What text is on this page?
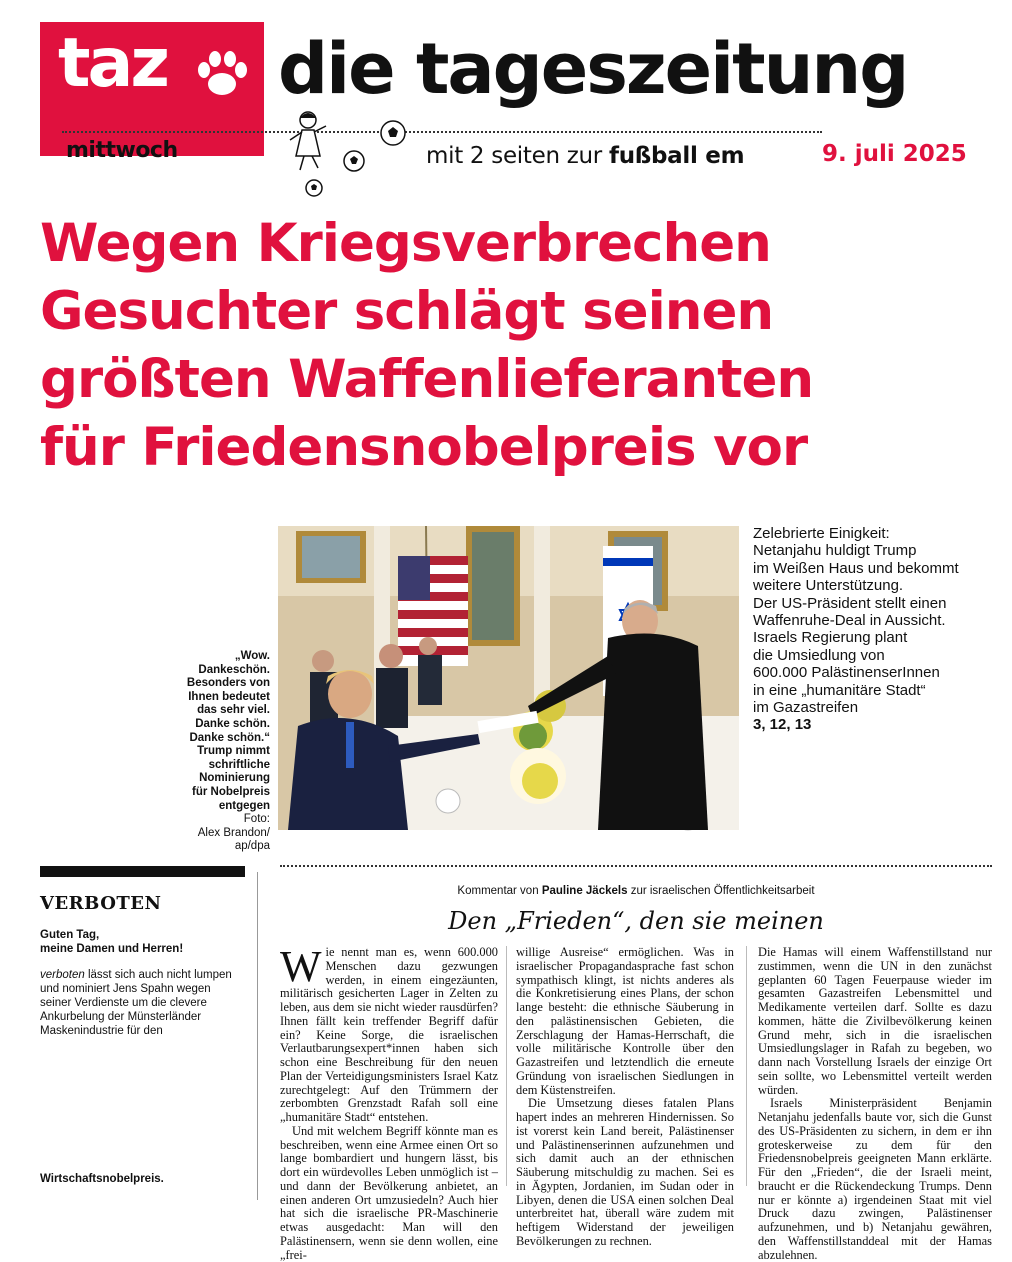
taz
mittwoch
die tageszeitung
mit 2 seiten zur fußball em	9. juli 2025
Wegen Kriegsverbrechen
Gesuchter schlägt seinen
größten Waffenlieferanten
für Friedensnobelpreis vor
„Wow.
Dankeschön.
Besonders von
Ihnen bedeutet
das sehr viel.
Danke schön.
Danke schön.“
Trump nimmt
schriftliche
Nominierung
für Nobelpreis
entgegen
Foto:
Alex Brandon/
ap/dpa
Zelebrierte Einigkeit:
Netanjahu huldigt Trump
im Weißen Haus und bekommt
weitere Unterstützung.
Der US-Präsident stellt einen
Waffenruhe-Deal in Aussicht.
Israels Regierung plant
die Umsiedlung von
600.000 PalästinenserInnen
in eine „humanitäre Stadt“
im Gazastreifen
3, 12, 13
VERBOTEN
Guten Tag,
meine Damen und Herren!
verboten lässt sich auch nicht lumpen und nominiert Jens Spahn wegen seiner Verdienste um die clevere Ankurbelung der Münsterländer Maskenindustrie für den
Wirtschaftsnobelpreis.
Kommentar von Pauline Jäckels zur israelischen Öffentlichkeitsarbeit
Den „Frieden“, den sie meinen

Wie nennt man es, wenn 600.000 Menschen dazu gezwungen werden, in einem eingezäunten, militärisch gesicherten Lager in Zelten zu leben, aus dem sie nicht wieder rausdürfen? Ihnen fällt kein treffender Begriff dafür ein? Keine Sorge, die israelischen Verlautbarungsexpert*innen haben sich schon eine Beschreibung für den neuen Plan der Verteidigungsministers Israel Katz zurechtgelegt: Auf den Trümmern der zerbombten Grenzstadt Rafah soll eine „humanitäre Stadt“ entstehen.

Und mit welchem Begriff könnte man es beschreiben, wenn eine Armee einen Ort so lange bombardiert und hungern lässt, bis dort ein würdevolles Leben unmöglich ist – und dann der Bevölkerung anbietet, an einen anderen Ort umzusiedeln? Auch hier hat sich die israelische PR-Maschinerie etwas ausgedacht: Man will den Palästinensern, wenn sie denn wollen, eine „frei-

willige Ausreise“ ermöglichen. Was in israelischer Propagandasprache fast schon sympathisch klingt, ist nichts anderes als die Konkretisierung eines Plans, der schon lange besteht: die ethnische Säuberung in den palästinensischen Gebieten, die Zerschlagung der Hamas-Herrschaft, die volle militärische Kontrolle über den Gazastreifen und letztendlich die erneute Gründung von israelischen Siedlungen in dem Küstenstreifen.

Die Umsetzung dieses fatalen Plans hapert indes an mehreren Hindernissen. So ist vorerst kein Land bereit, Palästinenser und Palästinenserinnen aufzunehmen und sich damit auch an der ethnischen Säuberung mitschuldig zu machen. Sei es in Ägypten, Jordanien, im Sudan oder in Libyen, denen die USA einen solchen Deal unterbreitet hat, überall wäre zudem mit heftigem Widerstand der jeweiligen Bevölkerungen zu rechnen.

Die Hamas will einem Waffenstillstand nur zustimmen, wenn die UN in den zunächst geplanten 60 Tagen Feuerpause wieder im gesamten Gazastreifen Lebensmittel und Medikamente verteilen darf. Sollte es dazu kommen, hätte die Zivilbevölkerung keinen Grund mehr, sich in die israelischen Umsiedlungslager in Rafah zu begeben, wo dann nach Vorstellung Israels der einzige Ort sein sollte, wo Lebensmittel verteilt werden würden.

Israels Ministerpräsident Benjamin Netanjahu jedenfalls baute vor, sich die Gunst des US-Präsidenten zu sichern, in dem er ihn groteskerweise zu dem für den Friedensnobelpreis geeigneten Mann erklärte. Für den „Frieden“, die der Israeli meint, braucht er die Rückendeckung Trumps. Denn nur er könnte a) irgendeinen Staat mit viel Druck dazu zwingen, Palästinenser aufzunehmen, und b) Netanjahu gewähren, den Waffenstillstanddeal mit der Hamas abzulehnen.
